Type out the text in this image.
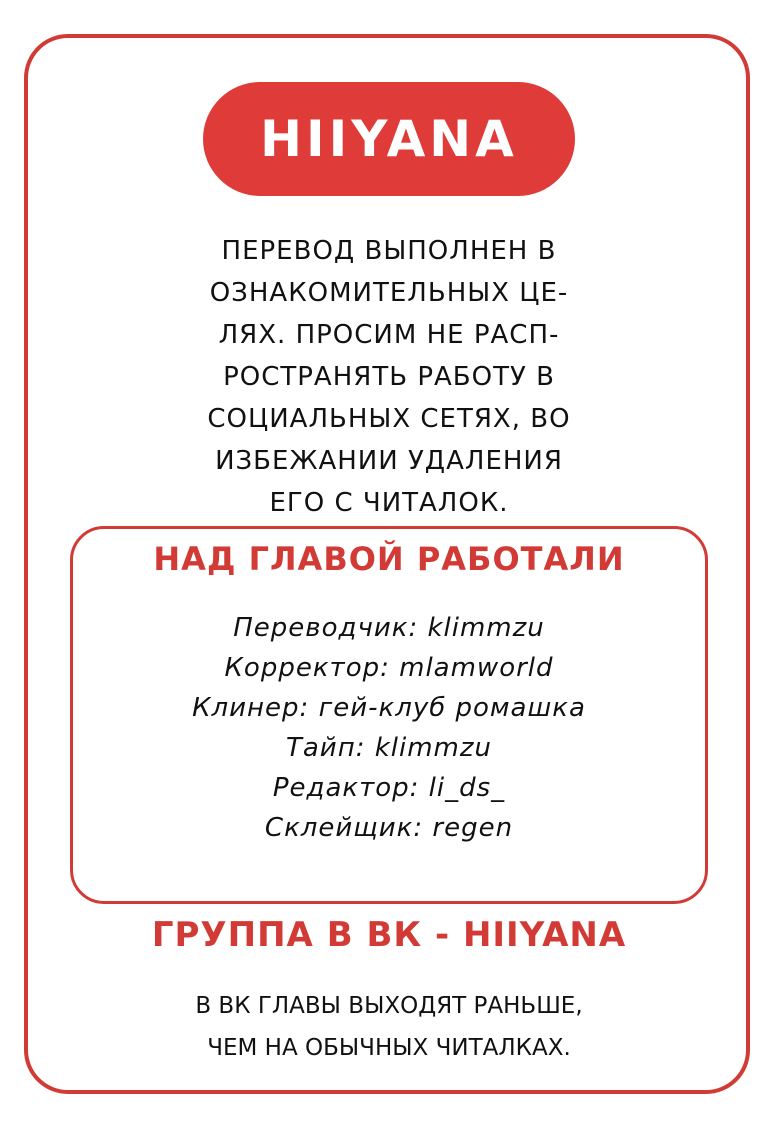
HIIYANA

ПЕРЕВОД ВЫПОЛНЕН В
ОЗНАКОМИТЕЛЬНЫХ ЦЕ-
ЛЯХ. ПРОСИМ НЕ РАСП-
РОСТРАНЯТЬ РАБОТУ В
СОЦИАЛЬНЫХ СЕТЯХ, ВО
ИЗБЕЖАНИИ УДАЛЕНИЯ
ЕГО С ЧИТАЛОК.

НАД ГЛАВОЙ РАБОТАЛИ
Переводчик: klimmzu
Корректор: mlamworld
Клинер: гей-клуб ромашка
Тайп: klimmzu
Редактор: li_ds_
Склейщик: regen
ГРУППА В ВК - HIIYANA
В ВК ГЛАВЫ ВЫХОДЯТ РАНЬШЕ,
ЧЕМ НА ОБЫЧНЫХ ЧИТАЛКАХ.
